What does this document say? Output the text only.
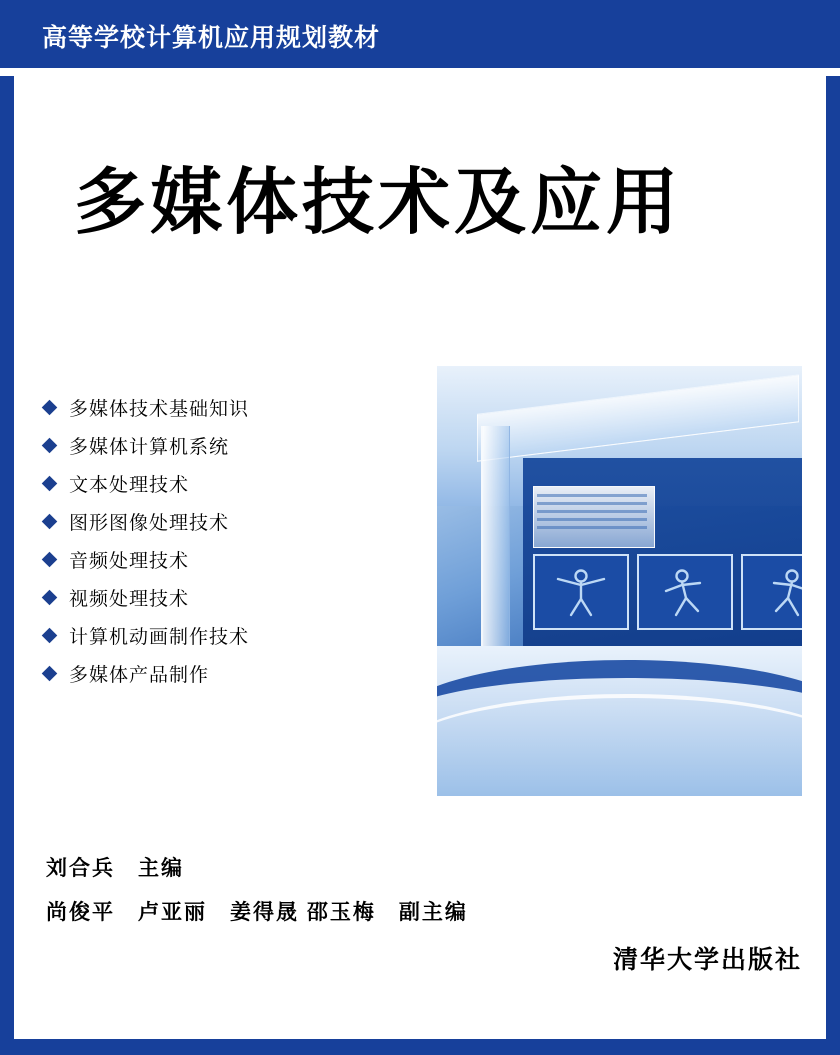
高等学校计算机应用规划教材
多媒体技术及应用
多媒体技术基础知识
多媒体计算机系统
文本处理技术
图形图像处理技术
音频处理技术
视频处理技术
计算机动画制作技术
多媒体产品制作
刘合兵　主编
尚俊平　卢亚丽　姜得晟 邵玉梅　副主编
清华大学出版社
